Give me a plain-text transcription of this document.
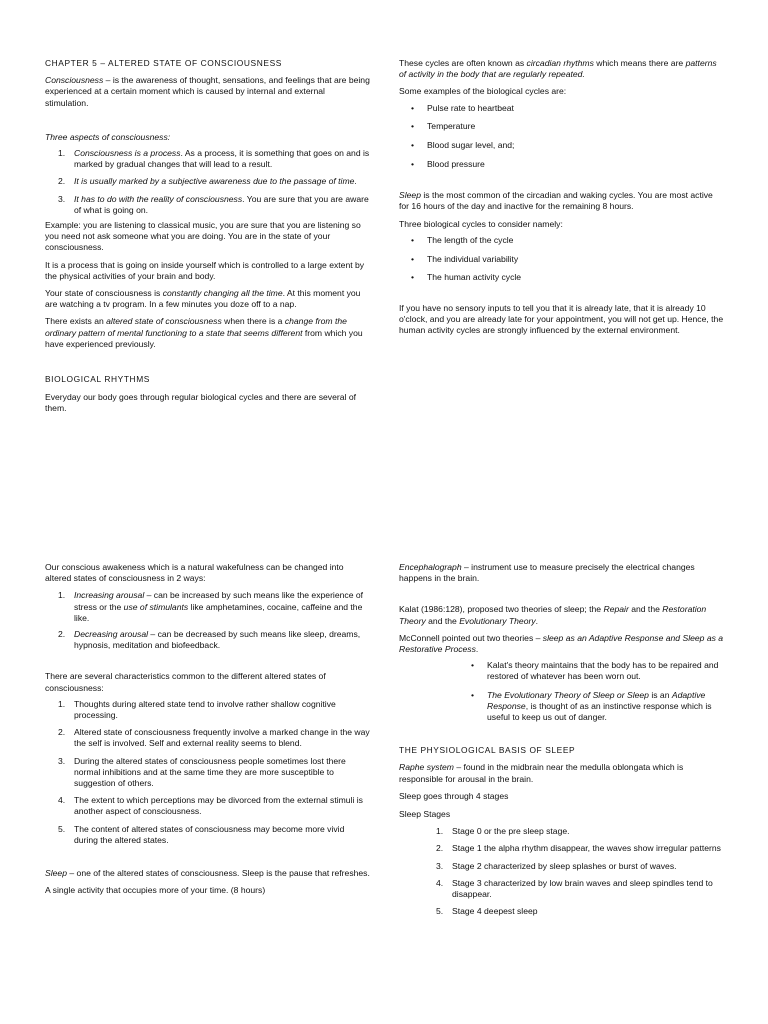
CHAPTER 5 – ALTERED STATE OF CONSCIOUSNESS

Consciousness – is the awareness of thought, sensations, and feelings that are being experienced at a certain moment which is caused by internal and external stimulation.

Three aspects of consciousness:

1. Consciousness is a process. As a process, it is something that goes on and is marked by gradual changes that will lead to a result.
2. It is usually marked by a subjective awareness due to the passage of time.
3. It has to do with the reality of consciousness. You are sure that you are aware of what is going on.

Example: you are listening to classical music, you are sure that you are listening so you need not ask someone what you are doing. You are in the state of your consciousness.

It is a process that is going on inside yourself which is controlled to a large extent by the physical activities of your brain and body.

Your state of consciousness is constantly changing all the time. At this moment you are watching a tv program. In a few minutes you doze off to a nap.

There exists an altered state of consciousness when there is a change from the ordinary pattern of mental functioning to a state that seems different from which you have experienced previously.

BIOLOGICAL RHYTHMS

Everyday our body goes through regular biological cycles and there are several of them.

These cycles are often known as circadian rhythms which means there are patterns of activity in the body that are regularly repeated.

Some examples of the biological cycles are:

• Pulse rate to heartbeat
• Temperature
• Blood sugar level, and;
• Blood pressure

Sleep is the most common of the circadian and waking cycles. You are most active for 16 hours of the day and inactive for the remaining 8 hours.

Three biological cycles to consider namely:

• The length of the cycle
• The individual variability
• The human activity cycle

If you have no sensory inputs to tell you that it is already late, that it is already 10 o'clock, and you are already late for your appointment, you will not get up. Hence, the human activity cycles are strongly influenced by the external environment.

Our conscious awakeness which is a natural wakefulness can be changed into altered states of consciousness in 2 ways:

1. Increasing arousal – can be increased by such means like the experience of stress or the use of stimulants like amphetamines, cocaine, caffeine and the like.
2. Decreasing arousal – can be decreased by such means like sleep, dreams, hypnosis, meditation and biofeedback.

There are several characteristics common to the different altered states of consciousness:

1. Thoughts during altered state tend to involve rather shallow cognitive processing.
2. Altered state of consciousness frequently involve a marked change in the way the self is involved. Self and external reality seems to blend.
3. During the altered states of consciousness people sometimes lost there normal inhibitions and at the same time they are more susceptible to suggestion of others.
4. The extent to which perceptions may be divorced from the external stimuli is another aspect of consciousness.
5. The content of altered states of consciousness may become more vivid during the altered states.

Sleep – one of the altered states of consciousness. Sleep is the pause that refreshes.

A single activity that occupies more of your time. (8 hours)

Encephalograph – instrument use to measure precisely the electrical changes happens in the brain.

Kalat (1986:128), proposed two theories of sleep; the Repair and the Restoration Theory and the Evolutionary Theory.

McConnell pointed out two theories – sleep as an Adaptive Response and Sleep as a Restorative Process.

• Kalat's theory maintains that the body has to be repaired and restored of whatever has been worn out.
• The Evolutionary Theory of Sleep or Sleep is an Adaptive Response, is thought of as an instinctive response which is useful to keep us out of danger.

THE PHYSIOLOGICAL BASIS OF SLEEP

Raphe system – found in the midbrain near the medulla oblongata which is responsible for arousal in the brain.

Sleep goes through 4 stages

Sleep Stages

1. Stage 0 or the pre sleep stage.
2. Stage 1 the alpha rhythm disappear, the waves show irregular patterns
3. Stage 2 characterized by sleep splashes or burst of waves.
4. Stage 3 characterized by low brain waves and sleep spindles tend to disappear.
5. Stage 4 deepest sleep
